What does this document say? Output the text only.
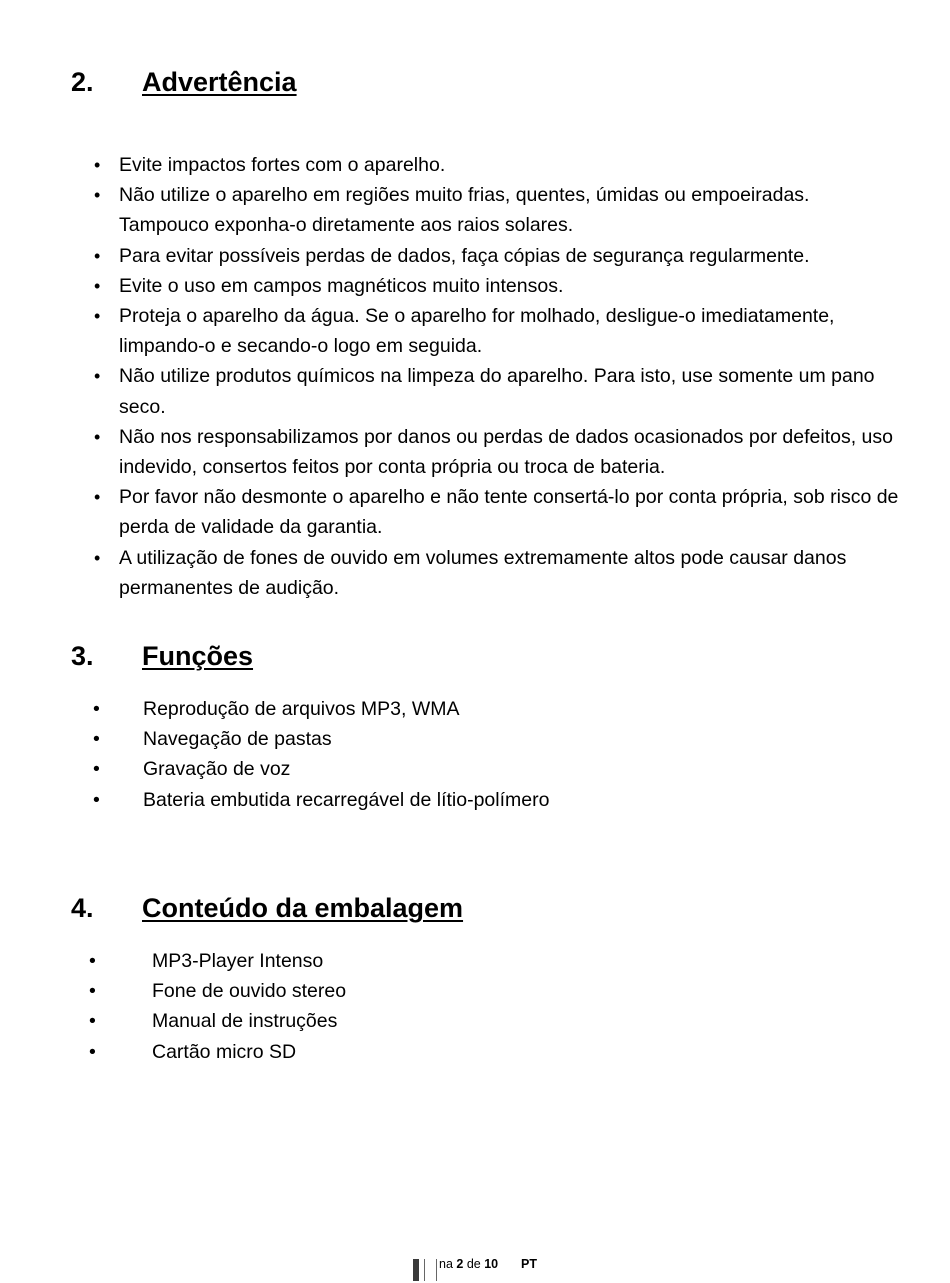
2. Advertência
• Evite impactos fortes com o aparelho.
• Não utilize o aparelho em regiões muito frias, quentes, úmidas ou empoeiradas. Tampouco exponha-o diretamente aos raios solares.
• Para evitar possíveis perdas de dados, faça cópias de segurança regularmente.
• Evite o uso em campos magnéticos muito intensos.
• Proteja o aparelho da água. Se o aparelho for molhado, desligue-o imediatamente, limpando-o e secando-o logo em seguida.
• Não utilize produtos químicos na limpeza do aparelho. Para isto, use somente um pano seco.
• Não nos responsabilizamos por danos ou perdas de dados ocasionados por defeitos, uso indevido, consertos feitos por conta própria ou troca de bateria.
• Por favor não desmonte o aparelho e não tente consertá-lo por conta própria, sob risco de perda de validade da garantia.
• A utilização de fones de ouvido em volumes extremamente altos pode causar danos permanentes de audição.
3. Funções
• Reprodução de arquivos MP3, WMA
• Navegação de pastas
• Gravação de voz
• Bateria embutida recarregável de lítio-polímero
4. Conteúdo da embalagem
•	MP3-Player Intenso
•	Fone de ouvido stereo
•	Manual de instruções
•	Cartão micro SD
na 2 de 10 PT
